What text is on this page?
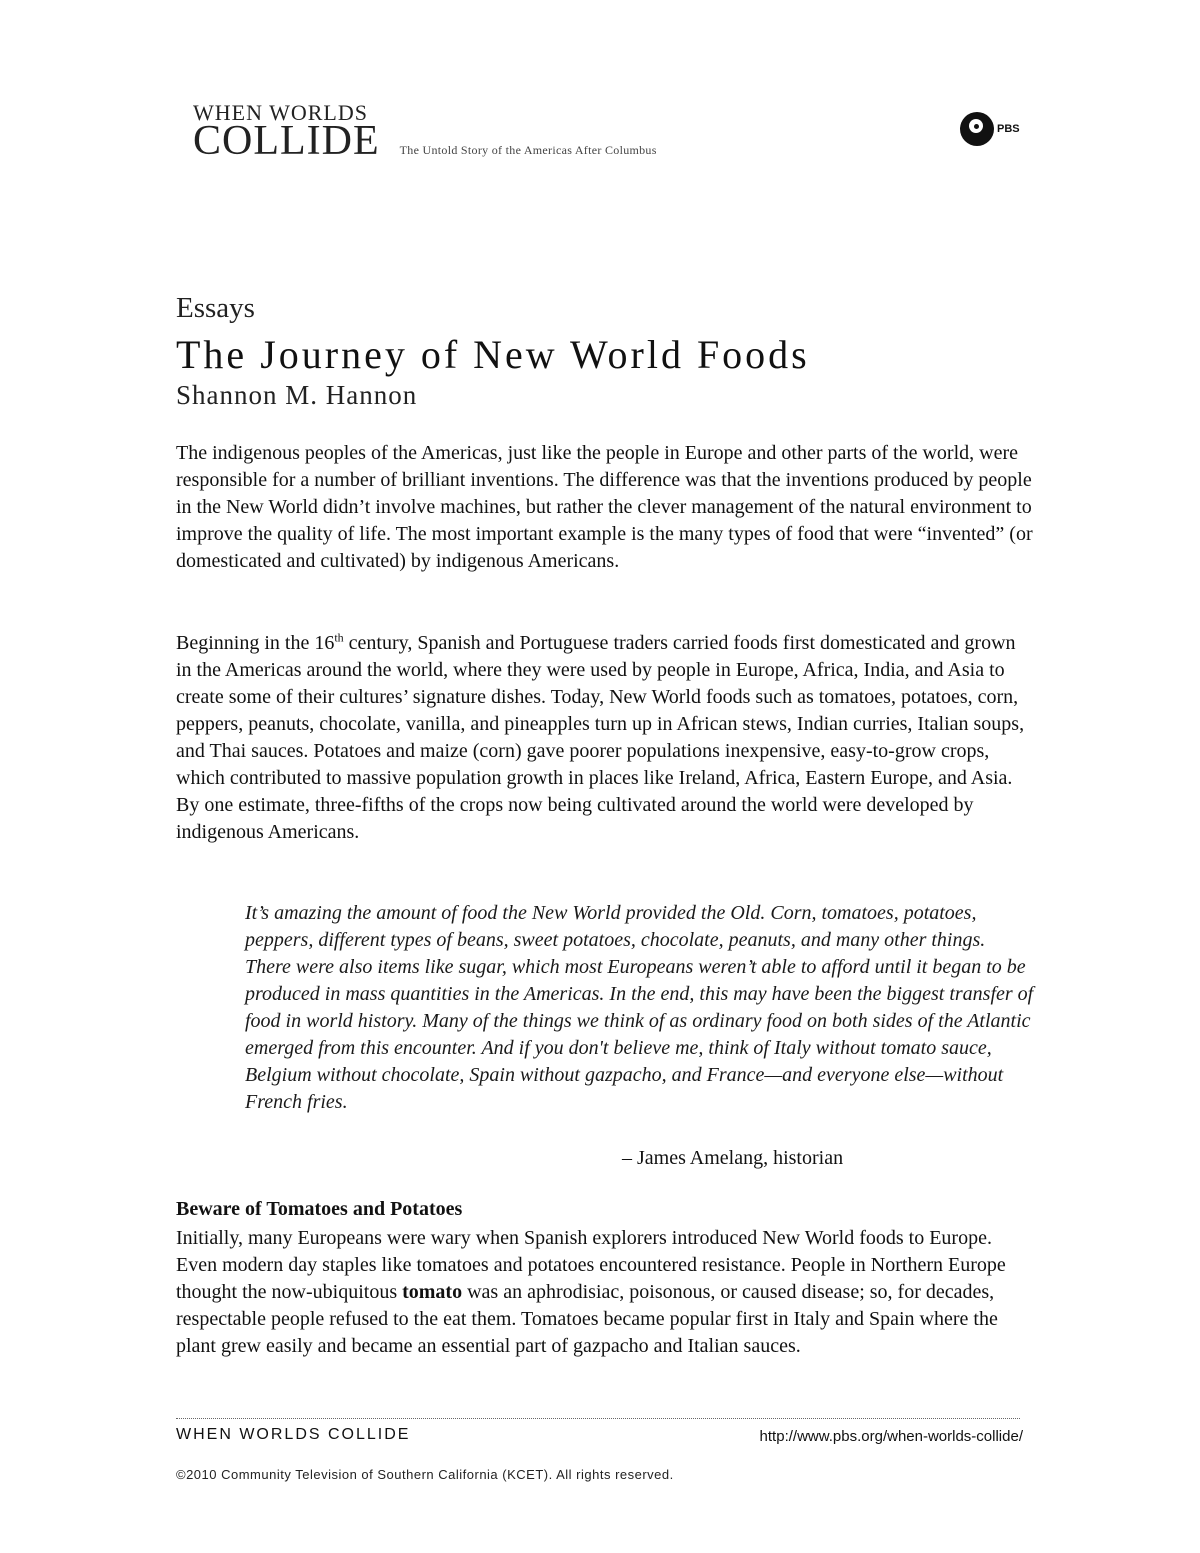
WHEN WORLDS
COLLIDE The Untold Story of the Americas After Columbus
PBS
Essays
The Journey of New World Foods
Shannon M. Hannon

The indigenous peoples of the Americas, just like the people in Europe and other parts of the world, were responsible for a number of brilliant inventions. The difference was that the inventions produced by people in the New World didn’t involve machines, but rather the clever management of the natural environment to improve the quality of life. The most important example is the many types of food that were “invented” (or domesticated and cultivated) by indigenous Americans.

Beginning in the 16th century, Spanish and Portuguese traders carried foods first domesticated and grown in the Americas around the world, where they were used by people in Europe, Africa, India, and Asia to create some of their cultures’ signature dishes. Today, New World foods such as tomatoes, potatoes, corn, peppers, peanuts, chocolate, vanilla, and pineapples turn up in African stews, Indian curries, Italian soups, and Thai sauces. Potatoes and maize (corn) gave poorer populations inexpensive, easy-to-grow crops, which contributed to massive population growth in places like Ireland, Africa, Eastern Europe, and Asia. By one estimate, three-fifths of the crops now being cultivated around the world were developed by indigenous Americans.

It’s amazing the amount of food the New World provided the Old. Corn, tomatoes, potatoes, peppers, different types of beans, sweet potatoes, chocolate, peanuts, and many other things. There were also items like sugar, which most Europeans weren’t able to afford until it began to be produced in mass quantities in the Americas. In the end, this may have been the biggest transfer of food in world history. Many of the things we think of as ordinary food on both sides of the Atlantic emerged from this encounter. And if you don't believe me, think of Italy without tomato sauce, Belgium without chocolate, Spain without gazpacho, and France—and everyone else—without French fries.
– James Amelang, historian
Beware of Tomatoes and Potatoes

Initially, many Europeans were wary when Spanish explorers introduced New World foods to Europe. Even modern day staples like tomatoes and potatoes encountered resistance. People in Northern Europe thought the now-ubiquitous tomato was an aphrodisiac, poisonous, or caused disease; so, for decades, respectable people refused to the eat them. Tomatoes became popular first in Italy and Spain where the plant grew easily and became an essential part of gazpacho and Italian sauces.

WHEN WORLDS COLLIDE	http://www.pbs.org/when-worlds-collide/
©2010 Community Television of Southern California (KCET). All rights reserved.
